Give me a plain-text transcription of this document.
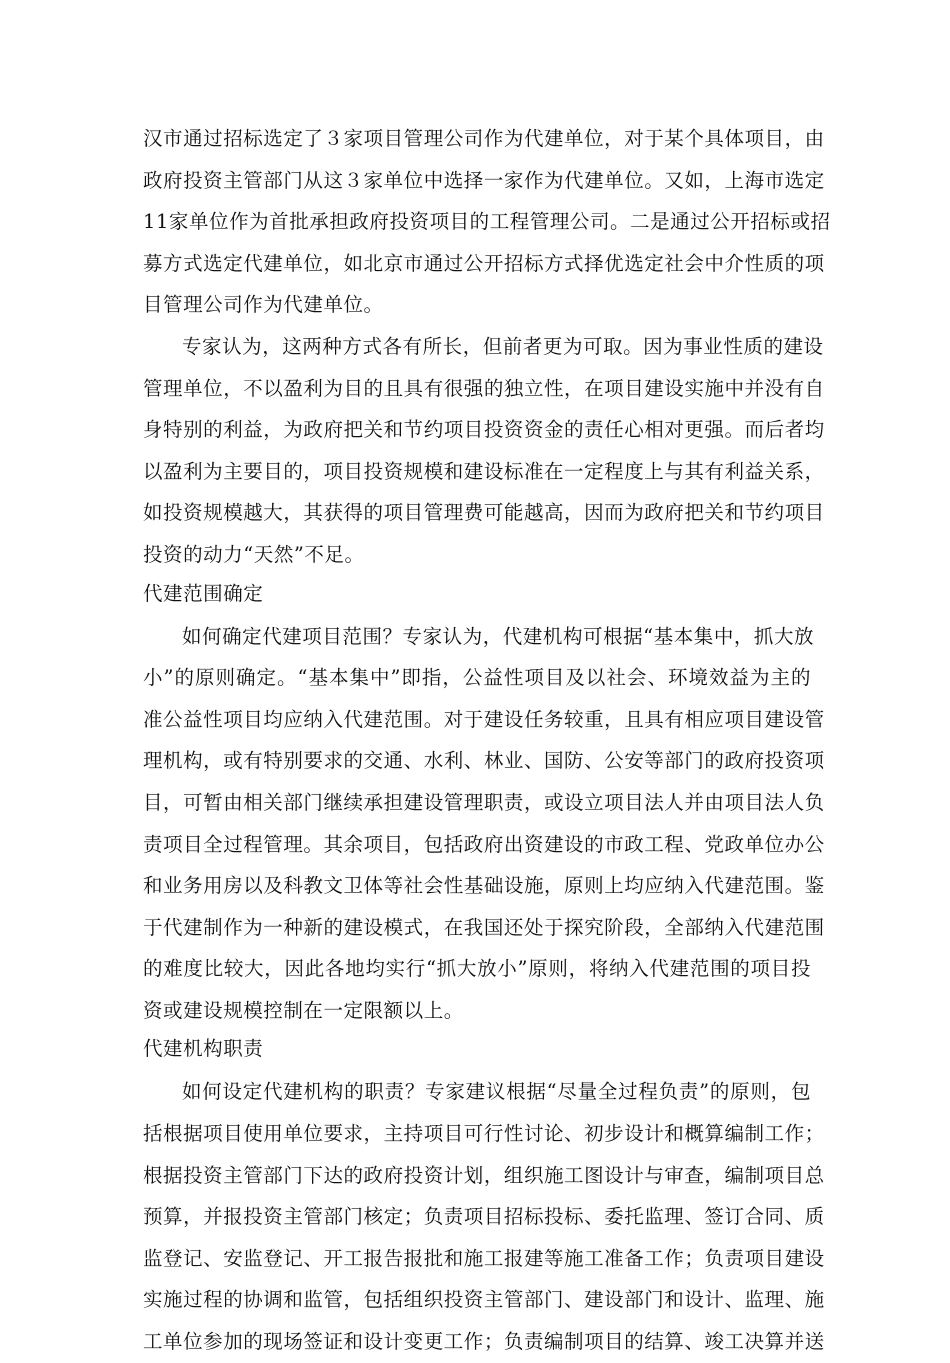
汉市通过招标选定了３家项目管理公司作为代建单位，对于某个具体项目，由
政府投资主管部门从这３家单位中选择一家作为代建单位。又如，上海市选定
11家单位作为首批承担政府投资项目的工程管理公司。二是通过公开招标或招
募方式选定代建单位，如北京市通过公开招标方式择优选定社会中介性质的项
目管理公司作为代建单位。
专家认为，这两种方式各有所长，但前者更为可取。因为事业性质的建设
管理单位，不以盈利为目的且具有很强的独立性，在项目建设实施中并没有自
身特别的利益，为政府把关和节约项目投资资金的责任心相对更强。而后者均
以盈利为主要目的，项目投资规模和建设标准在一定程度上与其有利益关系，
如投资规模越大，其获得的项目管理费可能越高，因而为政府把关和节约项目
投资的动力“天然”不足。
代建范围确定
如何确定代建项目范围？专家认为，代建机构可根据“基本集中，抓大放
小”的原则确定。“基本集中”即指，公益性项目及以社会、环境效益为主的
准公益性项目均应纳入代建范围。对于建设任务较重，且具有相应项目建设管
理机构，或有特别要求的交通、水利、林业、国防、公安等部门的政府投资项
目，可暂由相关部门继续承担建设管理职责，或设立项目法人并由项目法人负
责项目全过程管理。其余项目，包括政府出资建设的市政工程、党政单位办公
和业务用房以及科教文卫体等社会性基础设施，原则上均应纳入代建范围。鉴
于代建制作为一种新的建设模式，在我国还处于探究阶段，全部纳入代建范围
的难度比较大，因此各地均实行“抓大放小”原则，将纳入代建范围的项目投
资或建设规模控制在一定限额以上。
代建机构职责
如何设定代建机构的职责？专家建议根据“尽量全过程负责”的原则，包
括根据项目使用单位要求，主持项目可行性讨论、初步设计和概算编制工作；
根据投资主管部门下达的政府投资计划，组织施工图设计与审查，编制项目总
预算，并报投资主管部门核定；负责项目招标投标、委托监理、签订合同、质
监登记、安监登记、开工报告报批和施工报建等施工准备工作；负责项目建设
实施过程的协调和监管，包括组织投资主管部门、建设部门和设计、监理、施
工单位参加的现场签证和设计变更工作；负责编制项目的结算、竣工决算并送
